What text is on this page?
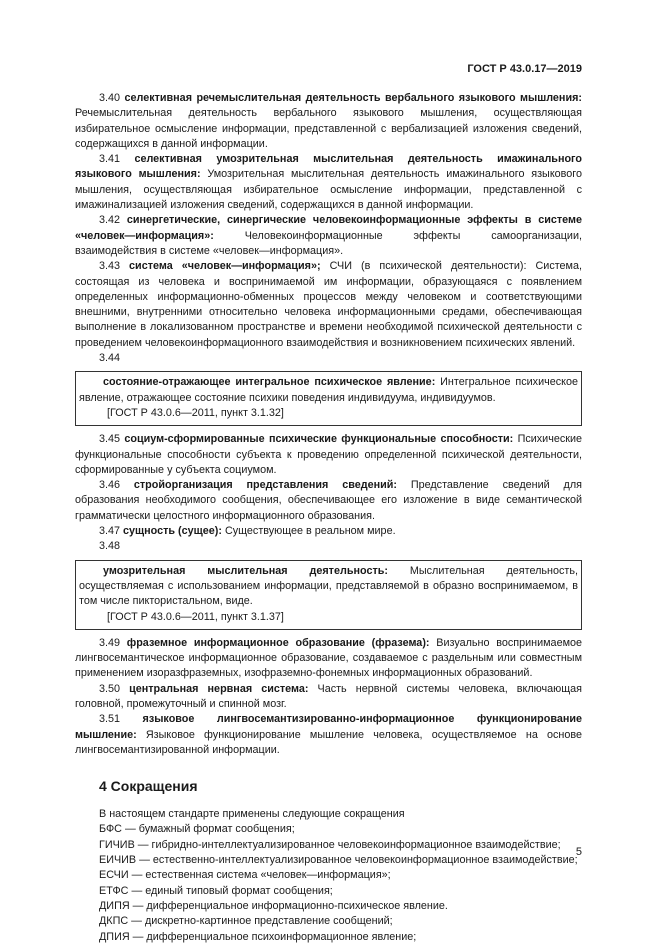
ГОСТ Р 43.0.17—2019

3.40 селективная речемыслительная деятельность вербального языкового мышления: Речемыслительная деятельность вербального языкового мышления, осуществляющая избирательное осмысление информации, представленной с вербализацией изложения сведений, содержащихся в данной информации.

3.41 селективная умозрительная мыслительная деятельность имажинального языкового мышления: Умозрительная мыслительная деятельность имажинального языкового мышления, осуществляющая избирательное осмысление информации, представленной с имажинализацией изложения сведений, содержащихся в данной информации.

3.42 синергетические, синергические человекоинформационные эффекты в системе «человек—информация»: Человекоинформационные эффекты самоорганизации, взаимодействия в системе «человек—информация».

3.43 система «человек—информация»; СЧИ (в психической деятельности): Система, состоящая из человека и воспринимаемой им информации, образующаяся с появлением определенных информационно-обменных процессов между человеком и соответствующими внешними, внутренними относительно человека информационными средами, обеспечивающая выполнение в локализованном пространстве и времени необходимой психической деятельности с проведением человекоинформационного взаимодействия и возникновением психических явлений.

3.44

состояние-отражающее интегральное психическое явление: Интегральное психическое явление, отражающее состояние психики поведения индивидуума, индивидуумов.

[ГОСТ Р 43.0.6—2011, пункт 3.1.32]

3.45 социум-сформированные психические функциональные способности: Психические функциональные способности субъекта к проведению определенной психической деятельности, сформированные у субъекта социумом.

3.46 стройорганизация представления сведений: Представление сведений для образования необходимого сообщения, обеспечивающее его изложение в виде семантической грамматически целостного информационного образования.

3.47 сущность (сущее): Существующее в реальном мире.

3.48

умозрительная мыслительная деятельность: Мыслительная деятельность, осуществляемая с использованием информации, представляемой в образно воспринимаемом, в том числе пиктористальном, виде.

[ГОСТ Р 43.0.6—2011, пункт 3.1.37]

3.49 фраземное информационное образование (фразема): Визуально воспринимаемое лингвосемантическое информационное образование, создаваемое с раздельным или совместным применением изоразфраземных, изофраземно-фонемных информационных образований.

3.50 центральная нервная система: Часть нервной системы человека, включающая головной, промежуточный и спинной мозг.

3.51 языковое лингвосемантизированно-информационное функционирование мышление: Языковое функционирование мышление человека, осуществляемое на основе лингвосемантизированной информации.

4 Сокращения

В настоящем стандарте применены следующие сокращения

БФС — бумажный формат сообщения;

ГИЧИВ — гибридно-интеллектуализированное человекоинформационное взаимодействие;

ЕИЧИВ — естественно-интеллектуализированное человекоинформационное взаимодействие;

ЕСЧИ — естественная система «человек—информация»;

ЕТФС — единый типовый формат сообщения;

ДИПЯ — дифференциальное информационно-психическое явление.

ДКПС — дискретно-картинное представление сообщений;

ДПИЯ — дифференциальное психоинформационное явление;

5
